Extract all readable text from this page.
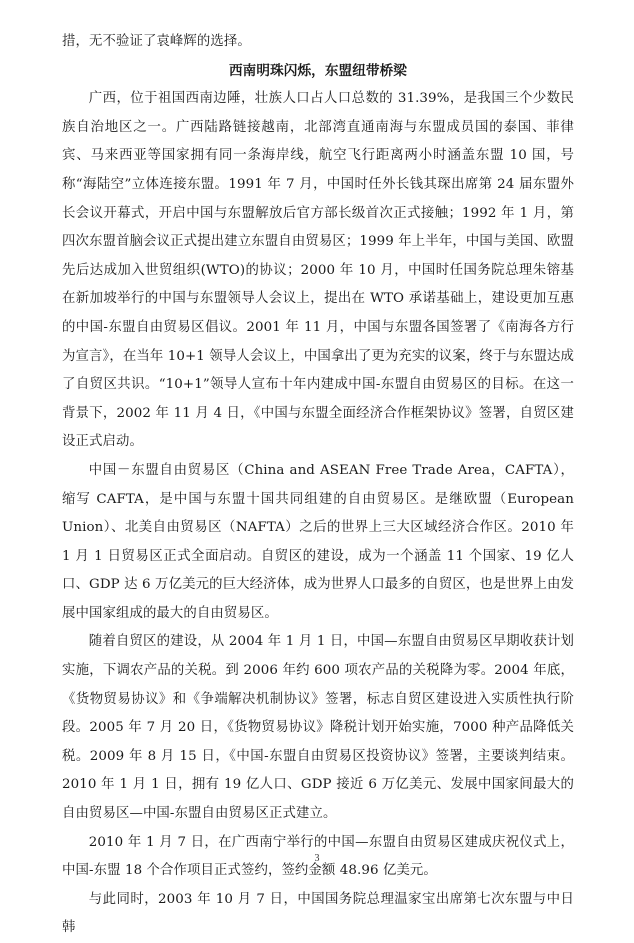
措，无不验证了袁峰辉的选择。

西南明珠闪烁，东盟纽带桥梁

广西，位于祖国西南边陲，壮族人口占人口总数的 31.39%，是我国三个少数民族自治地区之一。广西陆路链接越南，北部湾直通南海与东盟成员国的泰国、菲律宾、马来西亚等国家拥有同一条海岸线，航空飞行距离两小时涵盖东盟 10 国，号称“海陆空”立体连接东盟。1991 年 7 月，中国时任外长钱其琛出席第 24 届东盟外长会议开幕式，开启中国与东盟解放后官方部长级首次正式接触；1992 年 1 月，第四次东盟首脑会议正式提出建立东盟自由贸易区；1999 年上半年，中国与美国、欧盟先后达成加入世贸组织(WTO)的协议；2000 年 10 月，中国时任国务院总理朱镕基在新加坡举行的中国与东盟领导人会议上，提出在 WTO 承诺基础上，建设更加互惠的中国-东盟自由贸易区倡议。2001 年 11 月，中国与东盟各国签署了《南海各方行为宣言》，在当年 10+1 领导人会议上，中国拿出了更为充实的议案，终于与东盟达成了自贸区共识。“10+1”领导人宣布十年内建成中国-东盟自由贸易区的目标。在这一背景下，2002 年 11 月 4 日，《中国与东盟全面经济合作框架协议》签署，自贸区建设正式启动。

中国－东盟自由贸易区（China and ASEAN Free Trade Area，CAFTA），缩写 CAFTA，是中国与东盟十国共同组建的自由贸易区。是继欧盟（European Union）、北美自由贸易区（NAFTA）之后的世界上三大区域经济合作区。2010 年 1 月 1 日贸易区正式全面启动。自贸区的建设，成为一个涵盖 11 个国家、19 亿人口、GDP 达 6 万亿美元的巨大经济体，成为世界人口最多的自贸区，也是世界上由发展中国家组成的最大的自由贸易区。

随着自贸区的建设，从 2004 年 1 月 1 日，中国—东盟自由贸易区早期收获计划实施，下调农产品的关税。到 2006 年约 600 项农产品的关税降为零。2004 年底，《货物贸易协议》和《争端解决机制协议》签署，标志自贸区建设进入实质性执行阶段。2005 年 7 月 20 日，《货物贸易协议》降税计划开始实施，7000 种产品降低关税。2009 年 8 月 15 日，《中国-东盟自由贸易区投资协议》签署，主要谈判结束。2010 年 1 月 1 日，拥有 19 亿人口、GDP 接近 6 万亿美元、发展中国家间最大的自由贸易区—中国-东盟自由贸易区正式建立。

2010 年 1 月 7 日，在广西南宁举行的中国—东盟自由贸易区建成庆祝仪式上，中国-东盟 18 个合作项目正式签约，签约金额 48.96 亿美元。

与此同时，2003 年 10 月 7 日，中国国务院总理温家宝出席第七次东盟与中日韩

3
